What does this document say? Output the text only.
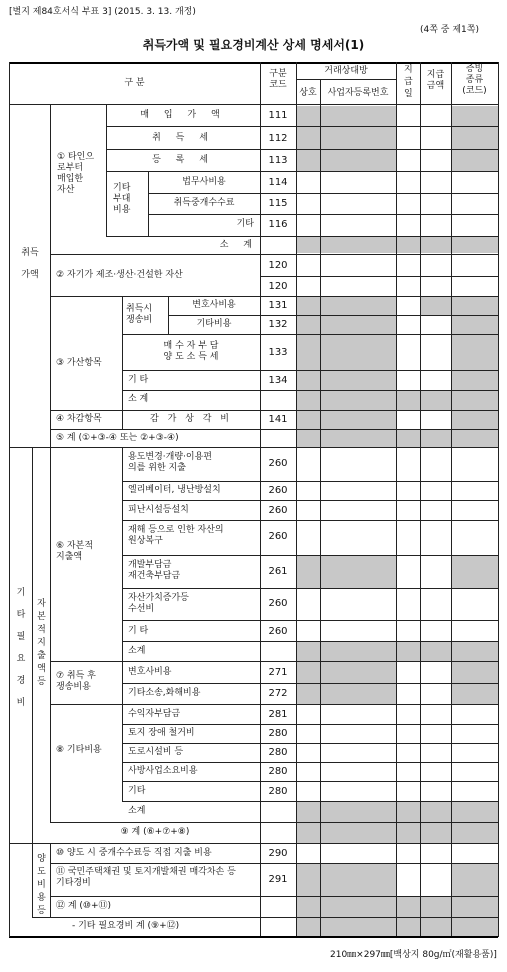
[별지 제84호서식 부표 3] (2015. 3. 13. 개정)
(4쪽 중 제1쪽)
취득가액 및 필요경비계산 상세 명세서(1)
구 분
구분
코드
거래상대방
상호	사업자등록번호
지급일
지급
금액
증빙
종류
(코드)
취득

가액
기
타
필
요
경
비
자본적
지출액
등
양도
비용
등
① 타인으
로부터
매입한
자산	기타
부대
비용
② 자기가 제조·생산·건설한 자산
③ 가산항목
취득시
쟁송비
④ 차감항목
⑤ 계 (①+③-④ 또는 ②+③-④)
⑥ 자본적
지출액
⑦ 취득 후
쟁송비용
⑧ 기타비용
⑨ 계 (⑥+⑦+⑧)
⑩ 양도 시 중개수수료등 직접 지출 비용
⑪ 국민주택채권 및 토지개발채권 매각차손 등
기타경비
⑫ 계 (⑩+⑪)
- 기타 필요경비 계 (⑨+⑫)
매 입 가 액
취 득 세
등 록 세
법무사비용
취득중개수수료
기타
소 계
변호사비용
기타비용
매 수 자 부 담
양 도 소 득 세
기 타
소 계
감 가 상 각 비
용도변경·개량·이용편
의를 위한 지출
엘리베이터, 냉난방설치
피난시설등설치
재해 등으로 인한 자산의
원상복구
개발부담금
재건축부담금
자산가치증가등
수선비
기 타
소계
변호사비용
기타소송,화해비용
수익자부담금
토지 장애 철거비
도로시설비 등
사방사업소요비용
기타
소계
111
112
113
114
115
116
120
120
131
132
133
134
141
260
260
260
260
261
260
260
271
272
281
280
280
280
280
290
291
210㎜×297㎜[백상지 80g/㎡(재활용품)]
